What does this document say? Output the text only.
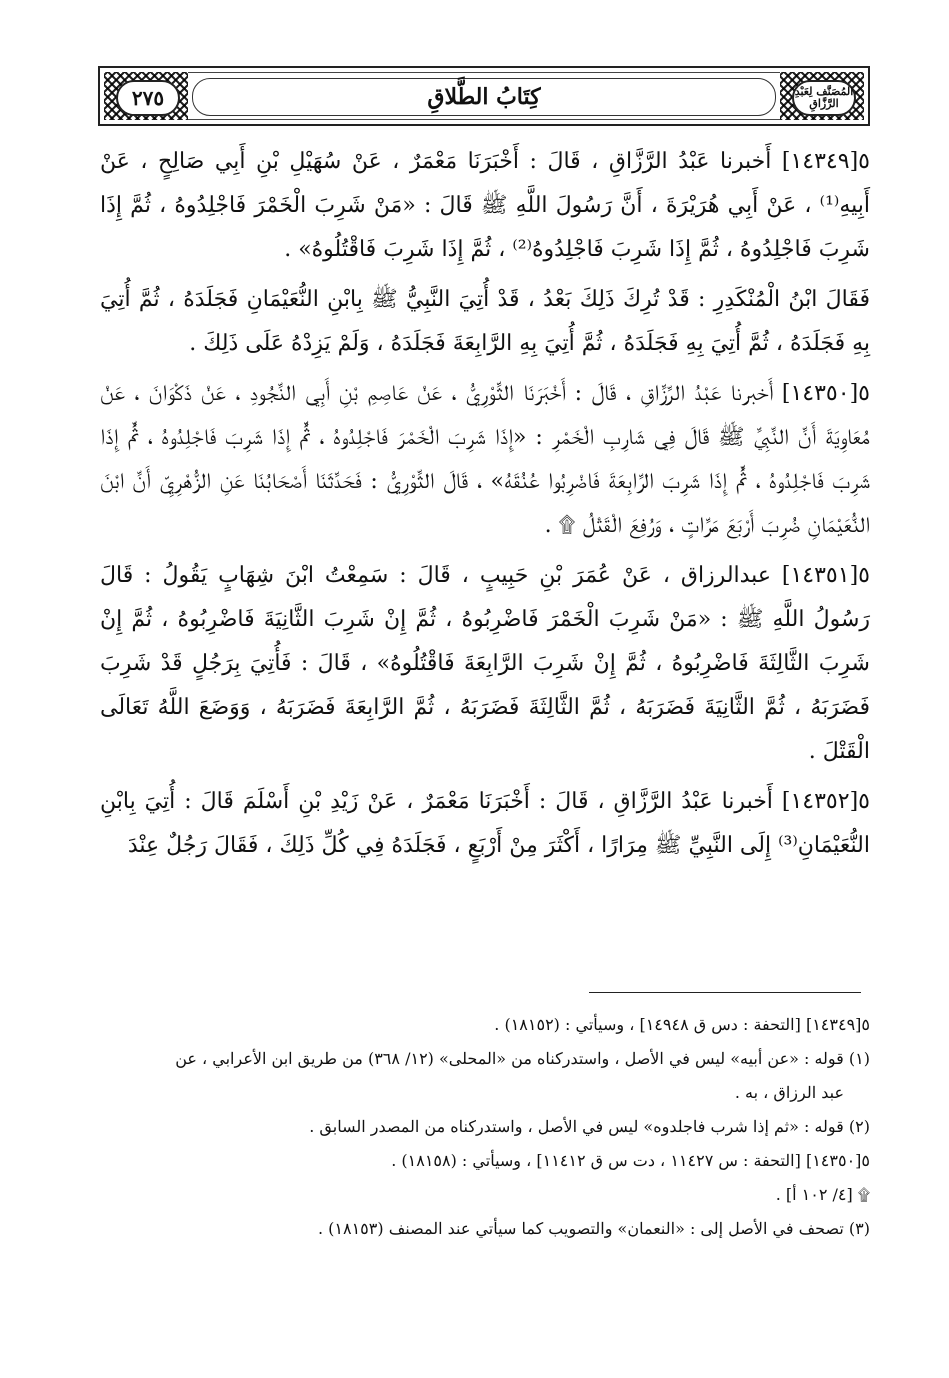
٢٧٥	كِتَابُ الطَّلاقِ	المُصَنَّف لِعَبْدِ الرَّزَّاقِ

٥[١٤٣٤٩] أَخبرنا عَبْدُ الرَّزَّاقِ ، قَالَ : أَخْبَرَنَا مَعْمَرٌ ، عَنْ سُهَيْلِ بْنِ أَبِي صَالِحٍ ، عَنْ أَبِيهِ⁽¹⁾ ، عَنْ أَبِي هُرَيْرَةَ ، أَنَّ رَسُولَ اللَّهِ ﷺ قَالَ : «مَنْ شَرِبَ الْخَمْرَ فَاجْلِدُوهُ ، ثُمَّ إِذَا شَرِبَ فَاجْلِدُوهُ ، ثُمَّ إِذَا شَرِبَ فَاجْلِدُوهُ⁽²⁾ ، ثُمَّ إِذَا شَرِبَ فَاقْتُلُوهُ» .

فَقَالَ ابْنُ الْمُنْكَدِرِ : قَدْ تُرِكَ ذَلِكَ بَعْدُ ، قَدْ أُتِيَ النَّبِيُّ ﷺ بِابْنِ النُّعَيْمَانِ فَجَلَدَهُ ، ثُمَّ أُتِيَ بِهِ فَجَلَدَهُ ، ثُمَّ أُتِيَ بِهِ فَجَلَدَهُ ، ثُمَّ أُتِيَ بِهِ الرَّابِعَةَ فَجَلَدَهُ ، وَلَمْ يَزِدْهُ عَلَى ذَلِكَ .

٥[١٤٣٥٠] أَخبرنا عَبْدُ الرَّزَّاقِ ، قَالَ : أَخْبَرَنَا الثَّوْرِيُّ ، عَنْ عَاصِمِ بْنِ أَبِي النَّجُودِ ، عَنْ ذَكْوَانَ ، عَنْ مُعَاوِيَةَ أَنَّ النَّبِيَّ ﷺ قَالَ فِي شَارِبِ الْخَمْرِ : «إِذَا شَرِبَ الْخَمْرَ فَاجْلِدُوهُ ، ثُمَّ إِذَا شَرِبَ فَاجْلِدُوهُ ، ثُمَّ إِذَا شَرِبَ فَاجْلِدُوهُ ، ثُمَّ إِذَا شَرِبَ الرَّابِعَةَ فَاضْرِبُوا عُنُقَهُ» ، قَالَ الثَّوْرِيُّ : فَحَدَّثَنَا أَصْحَابُنَا عَنِ الزُّهْرِيِّ أَنَّ ابْنَ النُّعَيْمَانِ ضُرِبَ أَرْبَعَ مَرَّاتٍ ، وَرُفِعَ الْقَتْلُ ۩ .

٥[١٤٣٥١] عبدالرزاق ، عَنْ عُمَرَ بْنِ حَبِيبٍ ، قَالَ : سَمِعْتُ ابْنَ شِهَابٍ يَقُولُ : قَالَ رَسُولُ اللَّهِ ﷺ : «مَنْ شَرِبَ الْخَمْرَ فَاضْرِبُوهُ ، ثُمَّ إِنْ شَرِبَ الثَّانِيَةَ فَاضْرِبُوهُ ، ثُمَّ إِنْ شَرِبَ الثَّالِثَةَ فَاضْرِبُوهُ ، ثُمَّ إِنْ شَرِبَ الرَّابِعَةَ فَاقْتُلُوهُ» ، قَالَ : فَأُتِيَ بِرَجُلٍ قَدْ شَرِبَ فَضَرَبَهُ ، ثُمَّ الثَّانِيَةَ فَضَرَبَهُ ، ثُمَّ الثَّالِثَةَ فَضَرَبَهُ ، ثُمَّ الرَّابِعَةَ فَضَرَبَهُ ، وَوَضَعَ اللَّهُ تَعَالَى الْقَتْلَ .

٥[١٤٣٥٢] أَخبرنا عَبْدُ الرَّزَّاقِ ، قَالَ : أَخْبَرَنَا مَعْمَرٌ ، عَنْ زَيْدِ بْنِ أَسْلَمَ قَالَ : أُتِيَ بِابْنِ النُّعَيْمَانِ⁽³⁾ إِلَى النَّبِيِّ ﷺ مِرَارًا ، أَكْثَرَ مِنْ أَرْبَعٍ ، فَجَلَدَهُ فِي كُلِّ ذَلِكَ ، فَقَالَ رَجُلٌ عِنْدَ

٥[١٤٣٤٩] [التحفة : دس ق ١٤٩٤٨] ، وسيأتي : (١٨١٥٢) .

(١) قوله : «عن أبيه» ليس في الأصل ، واستدركناه من «المحلى» (١٢/ ٣٦٨) من طريق ابن الأعرابي ، عن

عبد الرزاق ، به .

(٢) قوله : «ثم إذا شرب فاجلدوه» ليس في الأصل ، واستدركناه من المصدر السابق .

٥[١٤٣٥٠] [التحفة : س ١١٤٢٧ ، دت س ق ١١٤١٢] ، وسيأتي : (١٨١٥٨) .

۩ [٤/ ١٠٢ أ] .

(٣) تصحف في الأصل إلى : «النعمان» والتصويب كما سيأتي عند المصنف (١٨١٥٣) .
